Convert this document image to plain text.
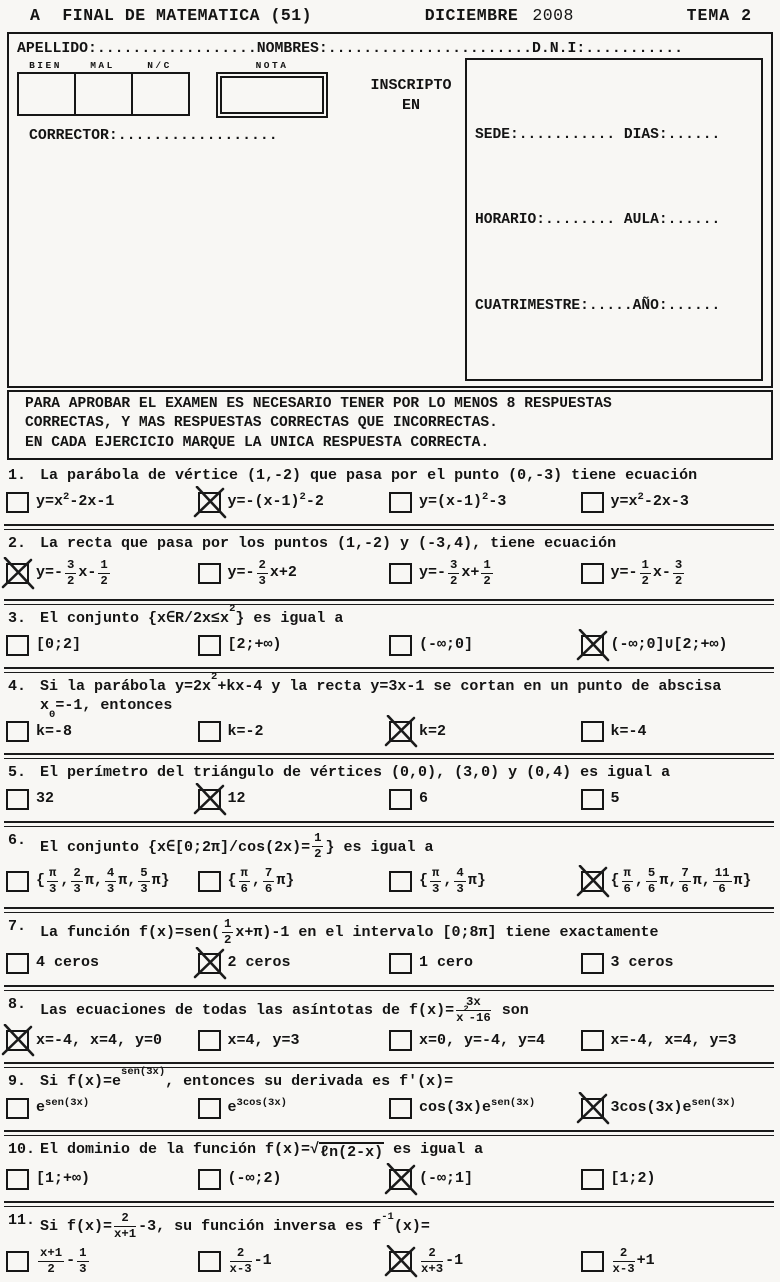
A FINAL DE MATEMATICA (51)	DICIEMBRE 2008	TEMA 2
APELLIDO:..................NOMBRES:.......................D.N.I:...........
BIEN	MAL	N/C	NOTA
CORRECTOR:..................
INSCRIPTO
EN

SEDE:........... DIAS:......

HORARIO:........ AULA:......

CUATRIMESTRE:.....AÑO:......

PARA APROBAR EL EXAMEN ES NECESARIO TENER POR LO MENOS 8 RESPUESTAS
CORRECTAS, Y MAS RESPUESTAS CORRECTAS QUE INCORRECTAS.
EN CADA EJERCICIO MARQUE LA UNICA RESPUESTA CORRECTA.
1. La parábola de vértice (1,-2) que pasa por el punto (0,-3) tiene ecuación
$y=x^2$ -2x-1	$y=-(x-1)^2$ -2	$y=(x-1)^2$ -3	$y=x^2$ -2x-3
2. La recta que pasa por los puntos (1,-2) y (-3,4), tiene ecuación
$y=- \frac{3}{2} x- \frac{1}{2}$	$y=- \frac{2}{3} x+2$	$y=- \frac{3}{2} x+ \frac{1}{2}$	$y=- \frac{1}{2} x- \frac{3}{2}$
3. El conjunto $\{x\in R/2x\le x^2\}$ es igual a
[0;2]	[2;+∞)	(-∞;0]	(-∞;0]∪[2;+∞)
4. Si la parábola $y=2x^2+kx-4$ y la recta y=3x-1 se cortan en un punto de abscisa $x_0=-1$, entonces
k=-8	k=-2	k=2	k=-4
5. El perímetro del triángulo de vértices (0,0), (3,0) y (0,4) es igual a
32	12	6	5
6. El conjunto {x∈[0;2π]/cos(2x)= $\frac{1}{2}$ } es igual a
{ $\frac{\pi}{3}$ , $\frac{2}{3} \pi$, $\frac{4}{3} \pi$, $\frac{5}{3} \pi$}	{ $\frac{\pi}{6}$ , $\frac{7}{6} \pi$}	{ $\frac{\pi}{3}$ , $\frac{4}{3} \pi$}	{ $\frac{\pi}{6}$ , $\frac{5}{6} \pi$, $\frac{7}{6} \pi$, $\frac{11}{6} \pi$}
7. La función $f(x)=sen( \frac{1}{2} x+\pi)-1$ en el intervalo [0;8π] tiene exactamente
4 ceros	2 ceros	1 cero	3 ceros
8. Las ecuaciones de todas las asíntotas de $f(x)= \frac{3x}{x^2-16}$ son
x=-4, x=4, y=0	x=4, y=3	x=0, y=-4, y=4	x=-4, x=4, y=3
9. Si $f(x)=e^{sen(3x)}$, entonces su derivada es f'(x)=
$e^{sen(3x)}$	$e^{3cos(3x)}$	$\cos(3x)e^{sen(3x)}$	$3\cos(3x)e^{sen(3x)}$
10. El dominio de la función f(x)= √ ℓn(2-x) es igual a
[1;+∞)	(-∞;2)	(-∞;1]	[1;2)
11. Si $f(x)= \frac{2}{x+1} -3$, su función inversa es $f^{-1}(x)=$
$\frac{x+1}{2} - \frac{1}{3}$	$\frac{2}{x-3} -1$	$\frac{2}{x+3} -1$	$\frac{2}{x-3} +1$
